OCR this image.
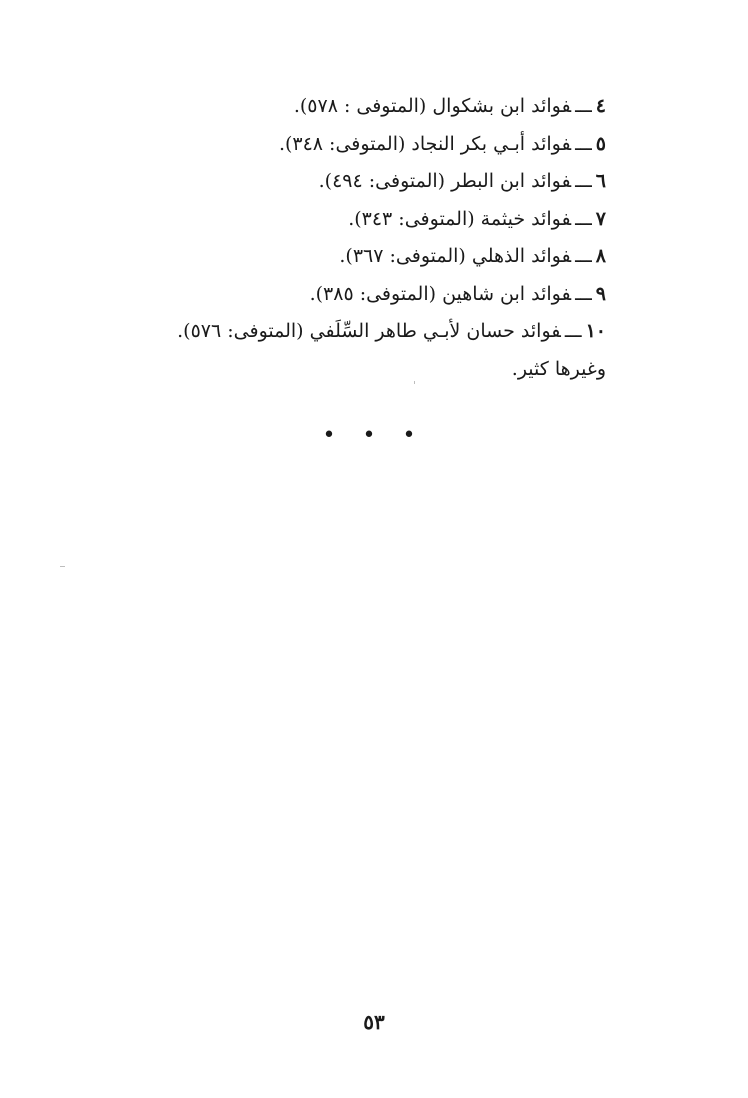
٤ـــفوائد ابن بشكوال (المتوفى : ٥٧٨).
٥ـــفوائد أبـي بكر النجاد (المتوفى: ٣٤٨).
٦ـــفوائد ابن البطر (المتوفى: ٤٩٤).
٧ـــفوائد خيثمة (المتوفى: ٣٤٣).
٨ـــفوائد الذهلي (المتوفى: ٣٦٧).
٩ـــفوائد ابن شاهين (المتوفى: ٣٨٥).
١٠ـــفوائد حسان لأبـي طاهر السِّلَفي (المتوفى: ٥٧٦).
وغيرها كثير.
• • •
٥٣
